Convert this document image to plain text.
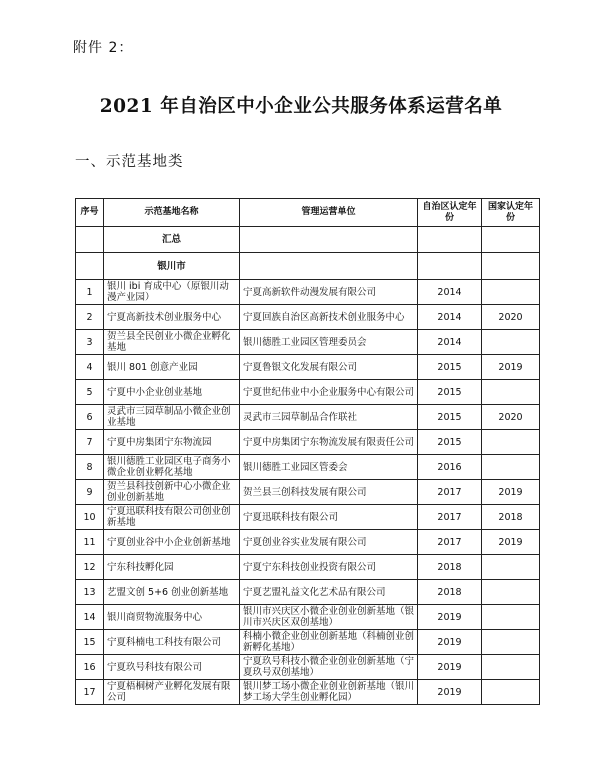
附件 2：
2021 年自治区中小企业公共服务体系运营名单
一、示范基地类
序号	示范基地名称	管理运营单位	自治区认定年份	国家认定年份
	汇总			
	银川市			
1	银川 ibi 育成中心（原银川动漫产业园）	宁夏高新软件动漫发展有限公司	2014	
2	宁夏高新技术创业服务中心	宁夏回族自治区高新技术创业服务中心	2014	2020
3	贺兰县全民创业小微企业孵化基地	银川德胜工业园区管理委员会	2014	
4	银川 801 创意产业园	宁夏鲁银文化发展有限公司	2015	2019
5	宁夏中小企业创业基地	宁夏世纪伟业中小企业服务中心有限公司	2015	
6	灵武市三园草制品小微企业创业基地	灵武市三园草制品合作联社	2015	2020
7	宁夏中房集团宁东物流园	宁夏中房集团宁东物流发展有限责任公司	2015	
8	银川德胜工业园区电子商务小微企业创业孵化基地	银川德胜工业园区管委会	2016	
9	贺兰县科技创新中心小微企业创业创新基地	贺兰县三创科技发展有限公司	2017	2019
10	宁夏迅联科技有限公司创业创新基地	宁夏迅联科技有限公司	2017	2018
11	宁夏创业谷中小企业创新基地	宁夏创业谷实业发展有限公司	2017	2019
12	宁东科技孵化园	宁夏宁东科技创业投资有限公司	2018	
13	艺盟文创 5+6 创业创新基地	宁夏艺盟礼益文化艺术品有限公司	2018	
14	银川商贸物流服务中心	银川市兴庆区小微企业创业创新基地（银川市兴庆区双创基地）	2019	
15	宁夏科楠电工科技有限公司	科楠小微企业创业创新基地（科楠创业创新孵化基地）	2019	
16	宁夏玖号科技有限公司	宁夏玖号科技小微企业创业创新基地（宁夏玖号双创基地）	2019	
17	宁夏梧桐树产业孵化发展有限公司	银川梦工场小微企业创业创新基地（银川梦工场大学生创业孵化园）	2019	
